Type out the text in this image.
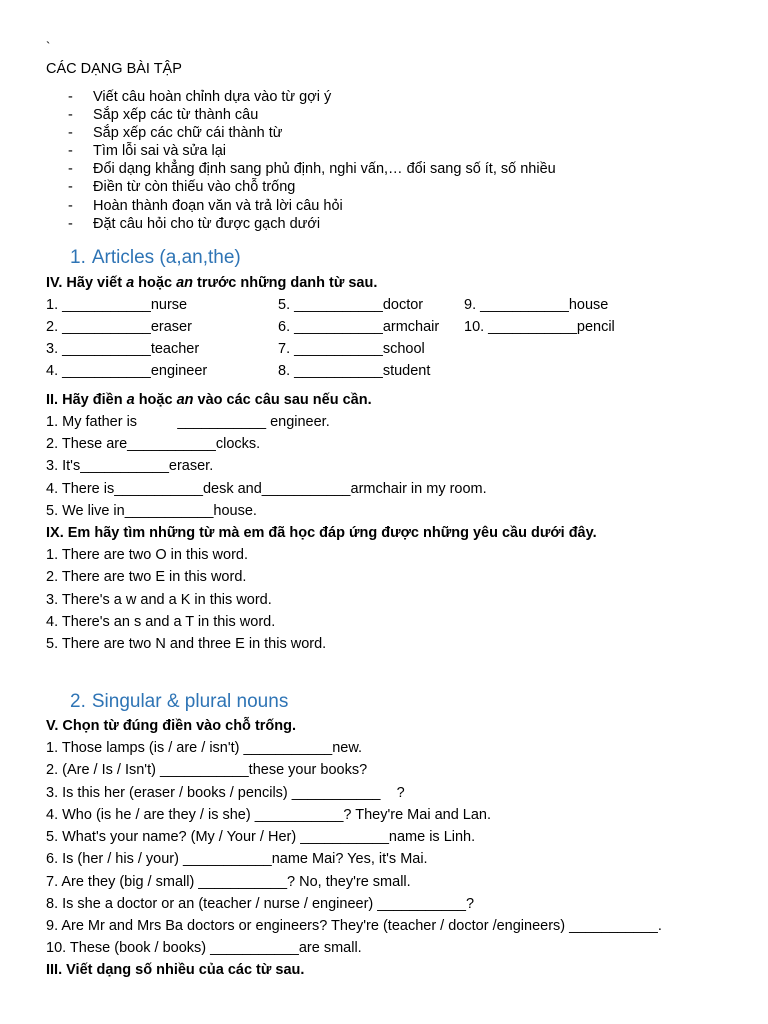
`
CÁC DẠNG BÀI TẬP
- Viết câu hoàn chỉnh dựa vào từ gợi ý
- Sắp xếp các từ thành câu
- Sắp xếp các chữ cái thành từ
- Tìm lỗi sai và sửa lại
- Đổi dạng khẳng định sang phủ định, nghi vấn,… đổi sang số ít, số nhiều
- Điền từ còn thiếu vào chỗ trống
- Hoàn thành đoạn văn và trả lời câu hỏi
- Đặt câu hỏi cho từ được gạch dưới
1. Articles (a,an,the)
IV. Hãy viết a hoặc an trước những danh từ sau.
1. ___________nurse
2. ___________eraser
3. ___________teacher
4. ___________engineer
5. ___________doctor
6. ___________armchair
7. ___________school
8. ___________student
9. ___________house
10. ___________pencil
II. Hãy điền a hoặc an vào các câu sau nếu cần.
1. My father is          ___________ engineer.
2. These are___________clocks.
3. It's___________eraser.
4. There is___________desk and___________armchair in my room.
5. We live in___________house.
IX. Em hãy tìm những từ mà em đã học đáp ứng được những yêu cầu dưới đây.
1. There are two O in this word.
2. There are two E in this word.
3. There's a w and a K in this word.
4. There's an s and a T in this word.
5. There are two N and three E in this word.
2. Singular & plural nouns
V. Chọn từ đúng điền vào chỗ trống.
1. Those lamps (is / are / isn't) ___________new.
2. (Are / Is / Isn't) ___________these your books?
3. Is this her (eraser / books / pencils) ___________    ?
4. Who (is he / are they / is she) ___________? They're Mai and Lan.
5. What's your name? (My / Your / Her) ___________name is Linh.
6. Is (her / his / your) ___________name Mai? Yes, it's Mai.
7. Are they (big / small) ___________? No, they're small.
8. Is she a doctor or an (teacher / nurse / engineer) ___________?
9. Are Mr and Mrs Ba doctors or engineers? They're (teacher / doctor /engineers) ___________.
10. These (book / books) ___________are small.
III. Viết dạng số nhiều của các từ sau.
